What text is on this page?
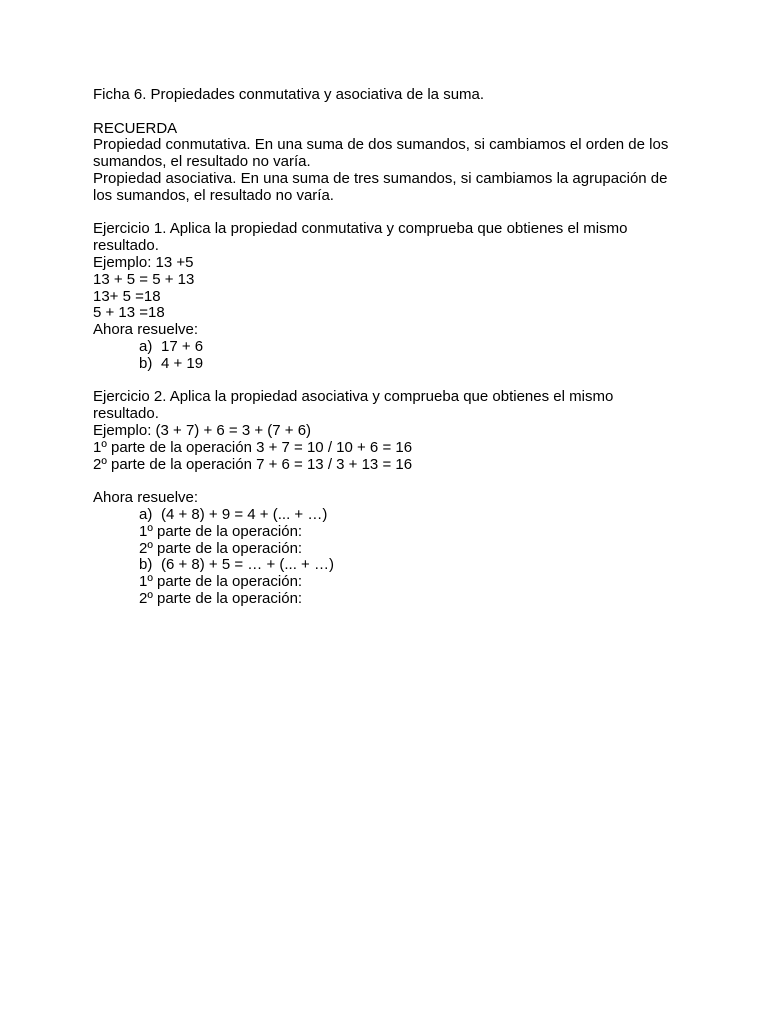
Ficha 6. Propiedades conmutativa y asociativa de la suma.
RECUERDA
Propiedad conmutativa. En una suma de dos sumandos, si cambiamos el orden de los sumandos, el resultado no varía.
Propiedad asociativa. En una suma de tres sumandos, si cambiamos la agrupación de los sumandos, el resultado no varía.
Ejercicio 1. Aplica la propiedad conmutativa y comprueba que obtienes el mismo resultado.
Ejemplo: 13 +5
13 + 5 = 5 + 13
13+ 5 =18
5 + 13 =18
Ahora resuelve:
a) 17 + 6
b) 4 + 19
Ejercicio 2. Aplica la propiedad asociativa y comprueba que obtienes el mismo resultado.
Ejemplo: (3 + 7) + 6 = 3 + (7 + 6)
1º parte de la operación 3 + 7 = 10 / 10 + 6 = 16
2º parte de la operación 7 + 6 = 13 / 3 + 13 = 16
Ahora resuelve:
a) (4 + 8) + 9 = 4 + (... + …)
1º parte de la operación:
2º parte de la operación:
b) (6 + 8) + 5 = … + (... + …)
1º parte de la operación:
2º parte de la operación:
